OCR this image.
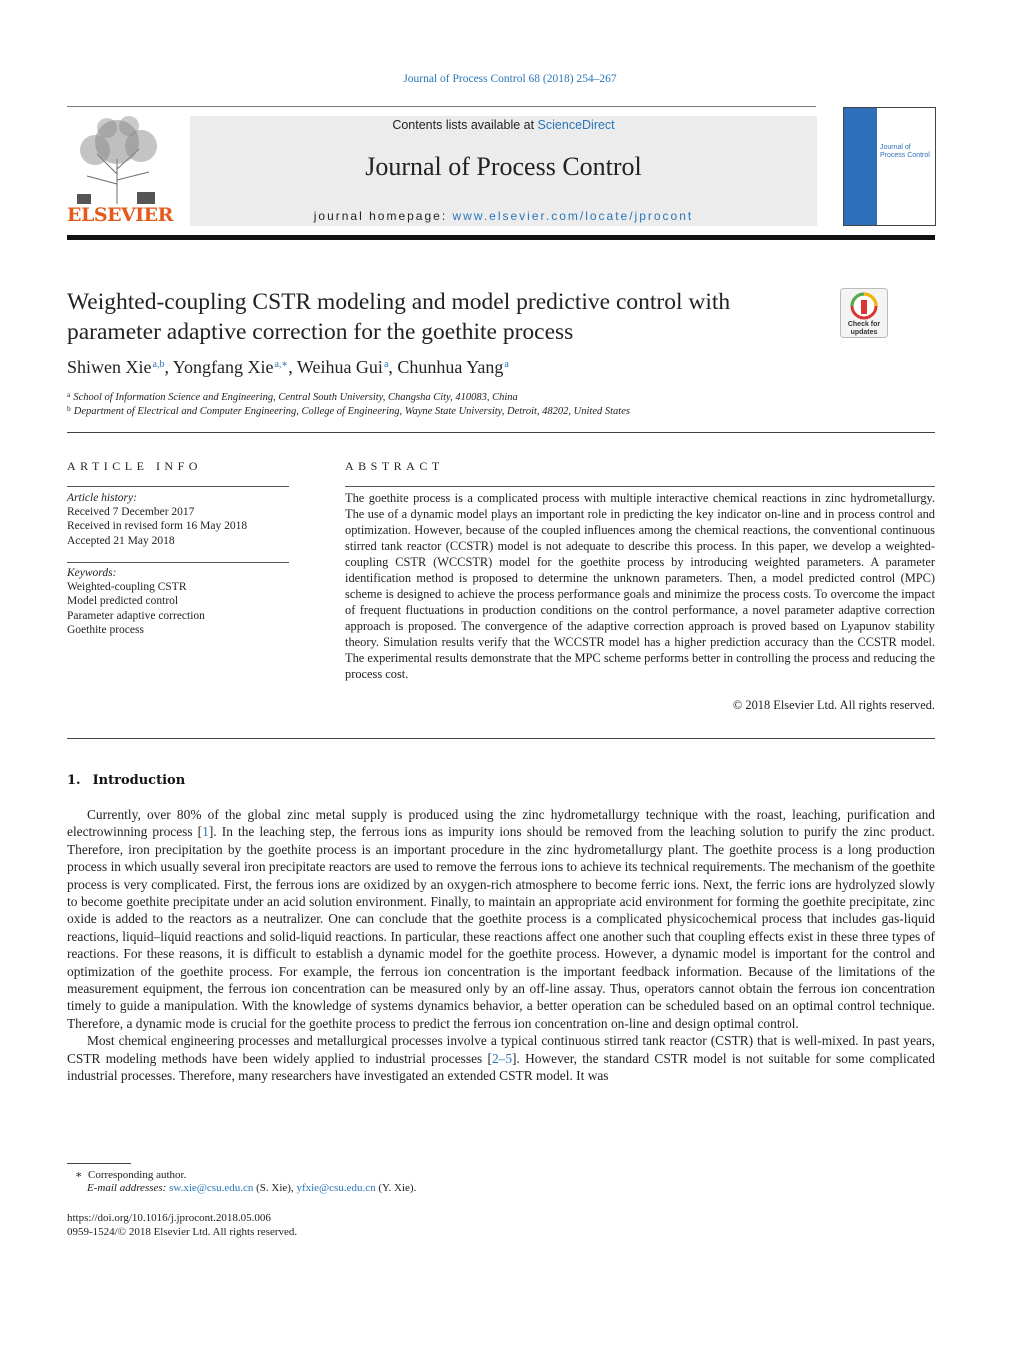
Journal of Process Control 68 (2018) 254–267
ELSEVIER
Contents lists available at ScienceDirect
Journal of Process Control
journal homepage: www.elsevier.com/locate/jprocont
Journal of
Process Control
Weighted-coupling CSTR modeling and model predictive control with
parameter adaptive correction for the goethite process	Check for updates
Shiwen Xie$^{a,b}$, Yongfang Xie$^{a,∗}$, Weihua Gui$^a$, Chunhua Yang$^a$
$^a$ School of Information Science and Engineering, Central South University, Changsha City, 410083, China
$^b$ Department of Electrical and Computer Engineering, College of Engineering, Wayne State University, Detroit, 48202, United States
ARTICLE INFO	ABSTRACT
Article history:
Received 7 December 2017
Received in revised form 16 May 2018
Accepted 21 May 2018
Keywords:
Weighted-coupling CSTR
Model predicted control
Parameter adaptive correction
Goethite process
The goethite process is a complicated process with multiple interactive chemical reactions in zinc hydrometallurgy. The use of a dynamic model plays an important role in predicting the key indicator on-line and in process control and optimization. However, because of the coupled influences among the chemical reactions, the conventional continuous stirred tank reactor (CCSTR) model is not adequate to describe this process. In this paper, we develop a weighted-coupling CSTR (WCCSTR) model for the goethite process by introducing weighted parameters. A parameter identification method is proposed to determine the unknown parameters. Then, a model predicted control (MPC) scheme is designed to achieve the process performance goals and minimize the process costs. To overcome the impact of frequent fluctuations in production conditions on the control performance, a novel parameter adaptive correction approach is proposed. The convergence of the adaptive correction approach is proved based on Lyapunov stability theory. Simulation results verify that the WCCSTR model has a higher prediction accuracy than the CCSTR model. The experimental results demonstrate that the MPC scheme performs better in controlling the process and reducing the process cost.
© 2018 Elsevier Ltd. All rights reserved.
1. Introduction

Currently, over 80% of the global zinc metal supply is produced using the zinc hydrometallurgy technique with the roast, leaching, purification and electrowinning process [1]. In the leaching step, the ferrous ions as impurity ions should be removed from the leaching solution to purify the zinc product. Therefore, iron precipitation by the goethite process is an important procedure in the zinc hydrometallurgy plant. The goethite process is a long production process in which usually several iron precipitate reactors are used to remove the ferrous ions to achieve its technical requirements. The mechanism of the goethite process is very complicated. First, the ferrous ions are oxidized by an oxygen-rich atmosphere to become ferric ions. Next, the ferric ions are hydrolyzed slowly to become goethite precipitate under an acid solution environment. Finally, to maintain an appropriate acid environment for forming the goethite precipitate, zinc oxide is added to the reactors as a neutralizer. One can conclude that the goethite process is a complicated physicochemical process that includes gas-liquid reactions, liquid–liquid reactions and solid-liquid reactions. In particular, these reactions affect one another such that coupling effects exist in these three types of reactions. For these reasons, it is difficult to establish a dynamic model for the goethite process. However, a dynamic model is important for the control and optimization of the goethite process. For example, the ferrous ion concentration is the important feedback information. Because of the limitations of the measurement equipment, the ferrous ion concentration can be measured only by an off-line assay. Thus, operators cannot obtain the ferrous ion concentration timely to guide a manipulation. With the knowledge of systems dynamics behavior, a better operation can be scheduled based on an optimal control technique. Therefore, a dynamic mode is crucial for the goethite process to predict the ferrous ion concentration on-line and design optimal control.

Most chemical engineering processes and metallurgical processes involve a typical continuous stirred tank reactor (CSTR) that is well-mixed. In past years, CSTR modeling methods have been widely applied to industrial processes [2–5]. However, the standard CSTR model is not suitable for some complicated industrial processes. Therefore, many researchers have investigated an extended CSTR model. It was

∗ Corresponding author.
E-mail addresses: sw.xie@csu.edu.cn (S. Xie), yfxie@csu.edu.cn (Y. Xie).
https://doi.org/10.1016/j.jprocont.2018.05.006
0959-1524/© 2018 Elsevier Ltd. All rights reserved.
